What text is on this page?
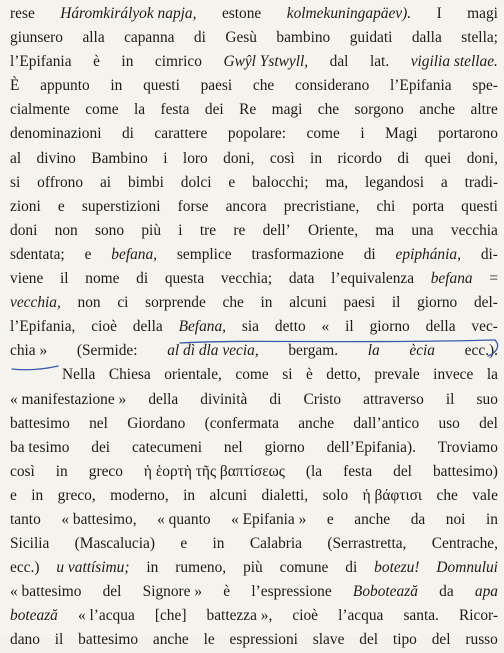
rese Háromkirályok napja, estone kolmekuningapäev). I magi
giunsero alla capanna di Gesù bambino guidati dalla stella;
l’Epifania è in cimrico Gwŷl Ystwyll, dal lat. vigilia stellae.
È appunto in questi paesi che considerano l’Epifania spe-
cialmente come la festa dei Re magi che sorgono anche altre
denominazioni di carattere popolare: come i Magi portarono
al divino Bambino i loro doni, così in ricordo di quei doni,
si offrono ai bimbi dolci e balocchi; ma, legandosi a tradi-
zioni e superstizioni forse ancora precristiane, chi porta questi
doni non sono più i tre re dell’ Oriente, ma una vecchia
sdentata; e befana, semplice trasformazione di epiphánia, di-
viene il nome di questa vecchia; data l’equivalenza befana =
vecchia, non ci sorprende che in alcuni paesi il giorno del-
l’Epifania, cioè della Befana, sia detto « il giorno della vec-
chia » (Sermide: al dì dla vecia, bergam. la ècia ecc.).
Nella Chiesa orientale, come si è detto, prevale invece la
« manifestazione » della divinità di Cristo attraverso il suo
battesimo nel Giordano (confermata anche dall’antico uso del
ba tesimo dei catecumeni nel giorno dell’Epifania). Troviamo
così in greco ἡ ἑορτὴ τῆς βαπτίσεως (la festa del battesimo)
e in greco, moderno, in alcuni dialetti, solo ἡ βάφτισι che vale
tanto « battesimo, « quanto « Epifania » e anche da noi in
Sicilia (Mascalucia) e in Calabria (Serrastretta, Centrache,
ecc.) u vattísimu; in rumeno, più comune di botezu! Domnului
« battesimo del Signore » è l’espressione Bobotează da apa
botează « l’acqua [che] battezza », cioè l’acqua santa. Ricor-
dano il battesimo anche le espressioni slave del tipo del russo
